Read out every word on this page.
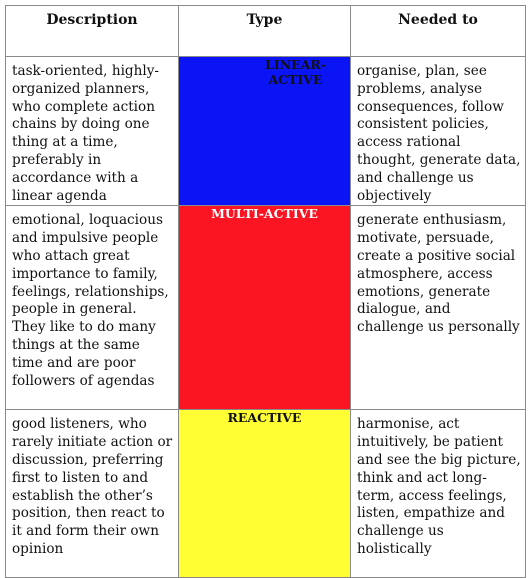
Description	Type	Needed to
task-oriented, highly-organized planners, who complete action chains by doing one thing at a time, preferably in accordance with a linear agenda	LINEAR-ACTIVE	organise, plan, see problems, analyse consequences, follow consistent policies, access rational thought, generate data, and challenge us objectively
emotional, loquacious and impulsive people who attach great importance to family, feelings, relationships, people in general. They like to do many things at the same time and are poor followers of agendas	MULTI-ACTIVE	generate enthusiasm, motivate, persuade, create a positive social atmosphere, access emotions, generate dialogue, and challenge us personally
good listeners, who rarely initiate action or discussion, preferring first to listen to and establish the other’s position, then react to it and form their own opinion	REACTIVE	harmonise, act intuitively, be patient and see the big picture, think and act long-term, access feelings, listen, empathize and challenge us holistically
